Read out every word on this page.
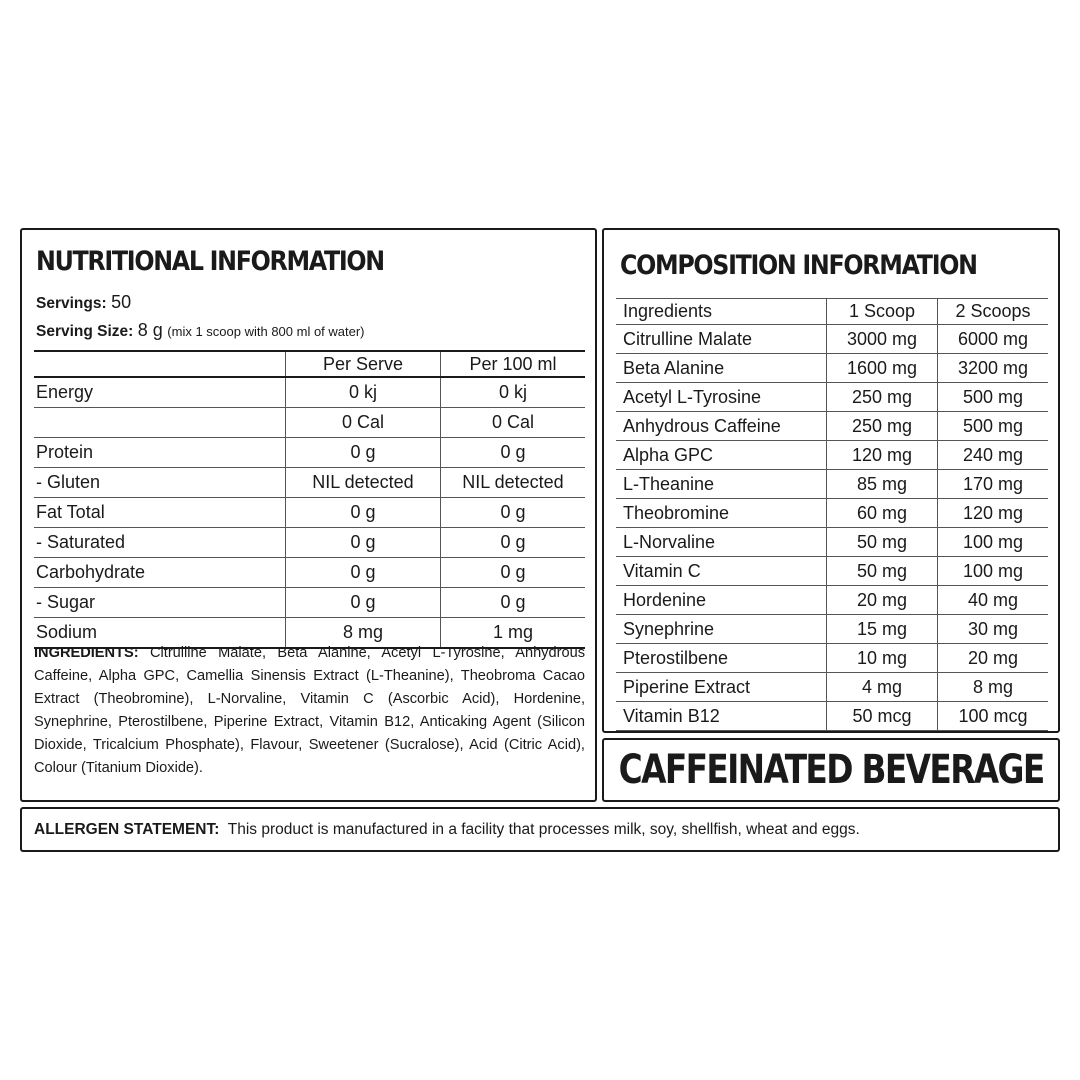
NUTRITIONAL INFORMATION
Servings: 50
Serving Size: 8 g (mix 1 scoop with 800 ml of water)
	Per Serve	Per 100 ml
Energy	0 kj	0 kj
	0 Cal	0 Cal
Protein	0 g	0 g
- Gluten	NIL detected	NIL detected
Fat Total	0 g	0 g
- Saturated	0 g	0 g
Carbohydrate	0 g	0 g
- Sugar	0 g	0 g
Sodium	8 mg	1 mg
INGREDIENTS: Citrulline Malate, Beta Alanine, Acetyl L-Tyrosine, Anhydrous Caffeine, Alpha GPC, Camellia Sinensis Extract (L-Theanine), Theobroma Cacao Extract (Theobromine), L-Norvaline, Vitamin C (Ascorbic Acid), Hordenine, Synephrine, Pterostilbene, Piperine Extract, Vitamin B12, Anticaking Agent (Silicon Dioxide, Tricalcium Phosphate), Flavour, Sweetener (Sucralose), Acid (Citric Acid), Colour (Titanium Dioxide).
COMPOSITION INFORMATION
Ingredients	1 Scoop	2 Scoops
Citrulline Malate	3000 mg	6000 mg
Beta Alanine	1600 mg	3200 mg
Acetyl L-Tyrosine	250 mg	500 mg
Anhydrous Caffeine	250 mg	500 mg
Alpha GPC	120 mg	240 mg
L-Theanine	85 mg	170 mg
Theobromine	60 mg	120 mg
L-Norvaline	50 mg	100 mg
Vitamin C	50 mg	100 mg
Hordenine	20 mg	40 mg
Synephrine	15 mg	30 mg
Pterostilbene	10 mg	20 mg
Piperine Extract	4 mg	8 mg
Vitamin B12	50 mcg	100 mcg
CAFFEINATED BEVERAGE
ALLERGEN STATEMENT: This product is manufactured in a facility that processes milk, soy, shellfish, wheat and eggs.
